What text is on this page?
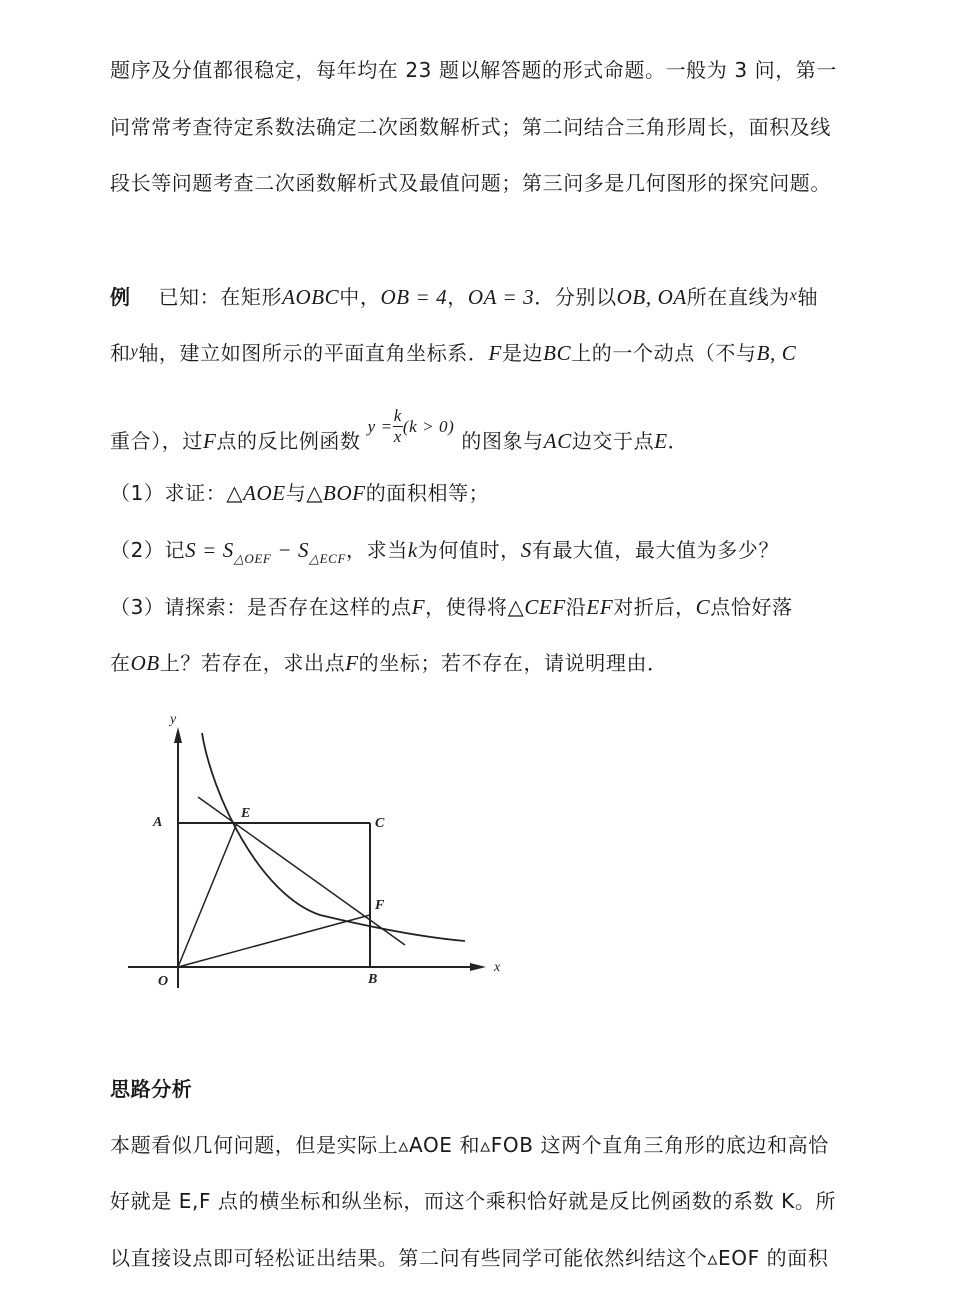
题序及分值都很稳定，每年均在 23 题以解答题的形式命题。一般为 3 问，第一
问常常考查待定系数法确定二次函数解析式；第二问结合三角形周长，面积及线
段长等问题考查二次函数解析式及最值问题；第三问多是几何图形的探究问题。
例 已知：在矩形AOBC中，OB = 4，OA = 3．分别以OB, OA所在直线为$^x$轴
和$^y$轴，建立如图所示的平面直角坐标系．F是边BC上的一个动点（不与B, C
重合），过F点的反比例函数 $^{y =} \frac{k}{x} ^{(k > 0)}$ 的图象与AC边交于点E．
（1）求证：△AOE与△BOF的面积相等；
（2）记$S = S_{\triangle OEF} - S_{\triangle ECF}$，求当k为何值时，S有最大值，最大值为多少？
（3）请探索：是否存在这样的点F，使得将△CEF沿EF对折后，C点恰好落
在OB上？若存在，求出点F的坐标；若不存在，请说明理由．
y
x
A
E
C
F
O	B
思路分析
本题看似几何问题，但是实际上▵AOE 和▵FOB 这两个直角三角形的底边和高恰
好就是 E,F 点的横坐标和纵坐标，而这个乘积恰好就是反比例函数的系数 K。所
以直接设点即可轻松证出结果。第二问有些同学可能依然纠结这个▵EOF 的面积
